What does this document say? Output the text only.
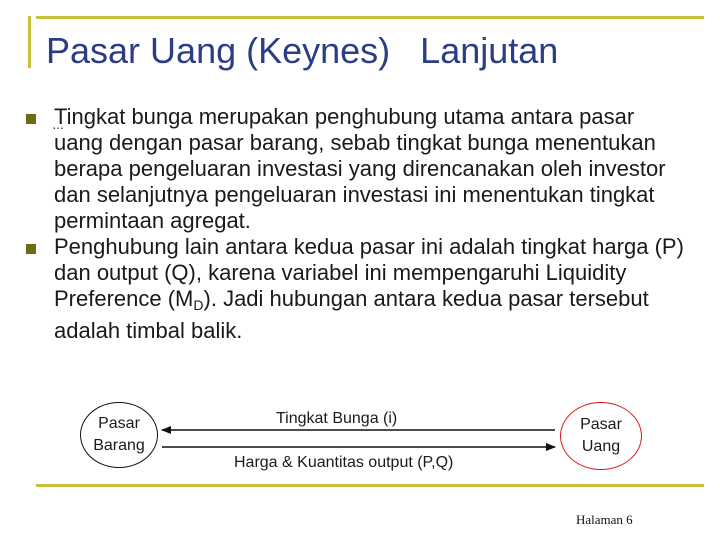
Pasar Uang (Keynes)   Lanjutan
Tingkat bunga merupakan penghubung utama antara pasar uang dengan pasar barang, sebab tingkat bunga menentukan berapa pengeluaran investasi yang direncanakan oleh investor dan selanjutnya pengeluaran investasi ini menentukan tingkat permintaan agregat.
Penghubung lain antara kedua pasar ini adalah tingkat harga (P) dan output (Q), karena variabel ini mempengaruhi Liquidity Preference $(M_D)$. Jadi hubungan antara kedua pasar tersebut adalah timbal balik.
Pasar
Barang
Pasar
Uang
Tingkat Bunga (i)
Harga & Kuantitas output (P,Q)
Halaman 6
